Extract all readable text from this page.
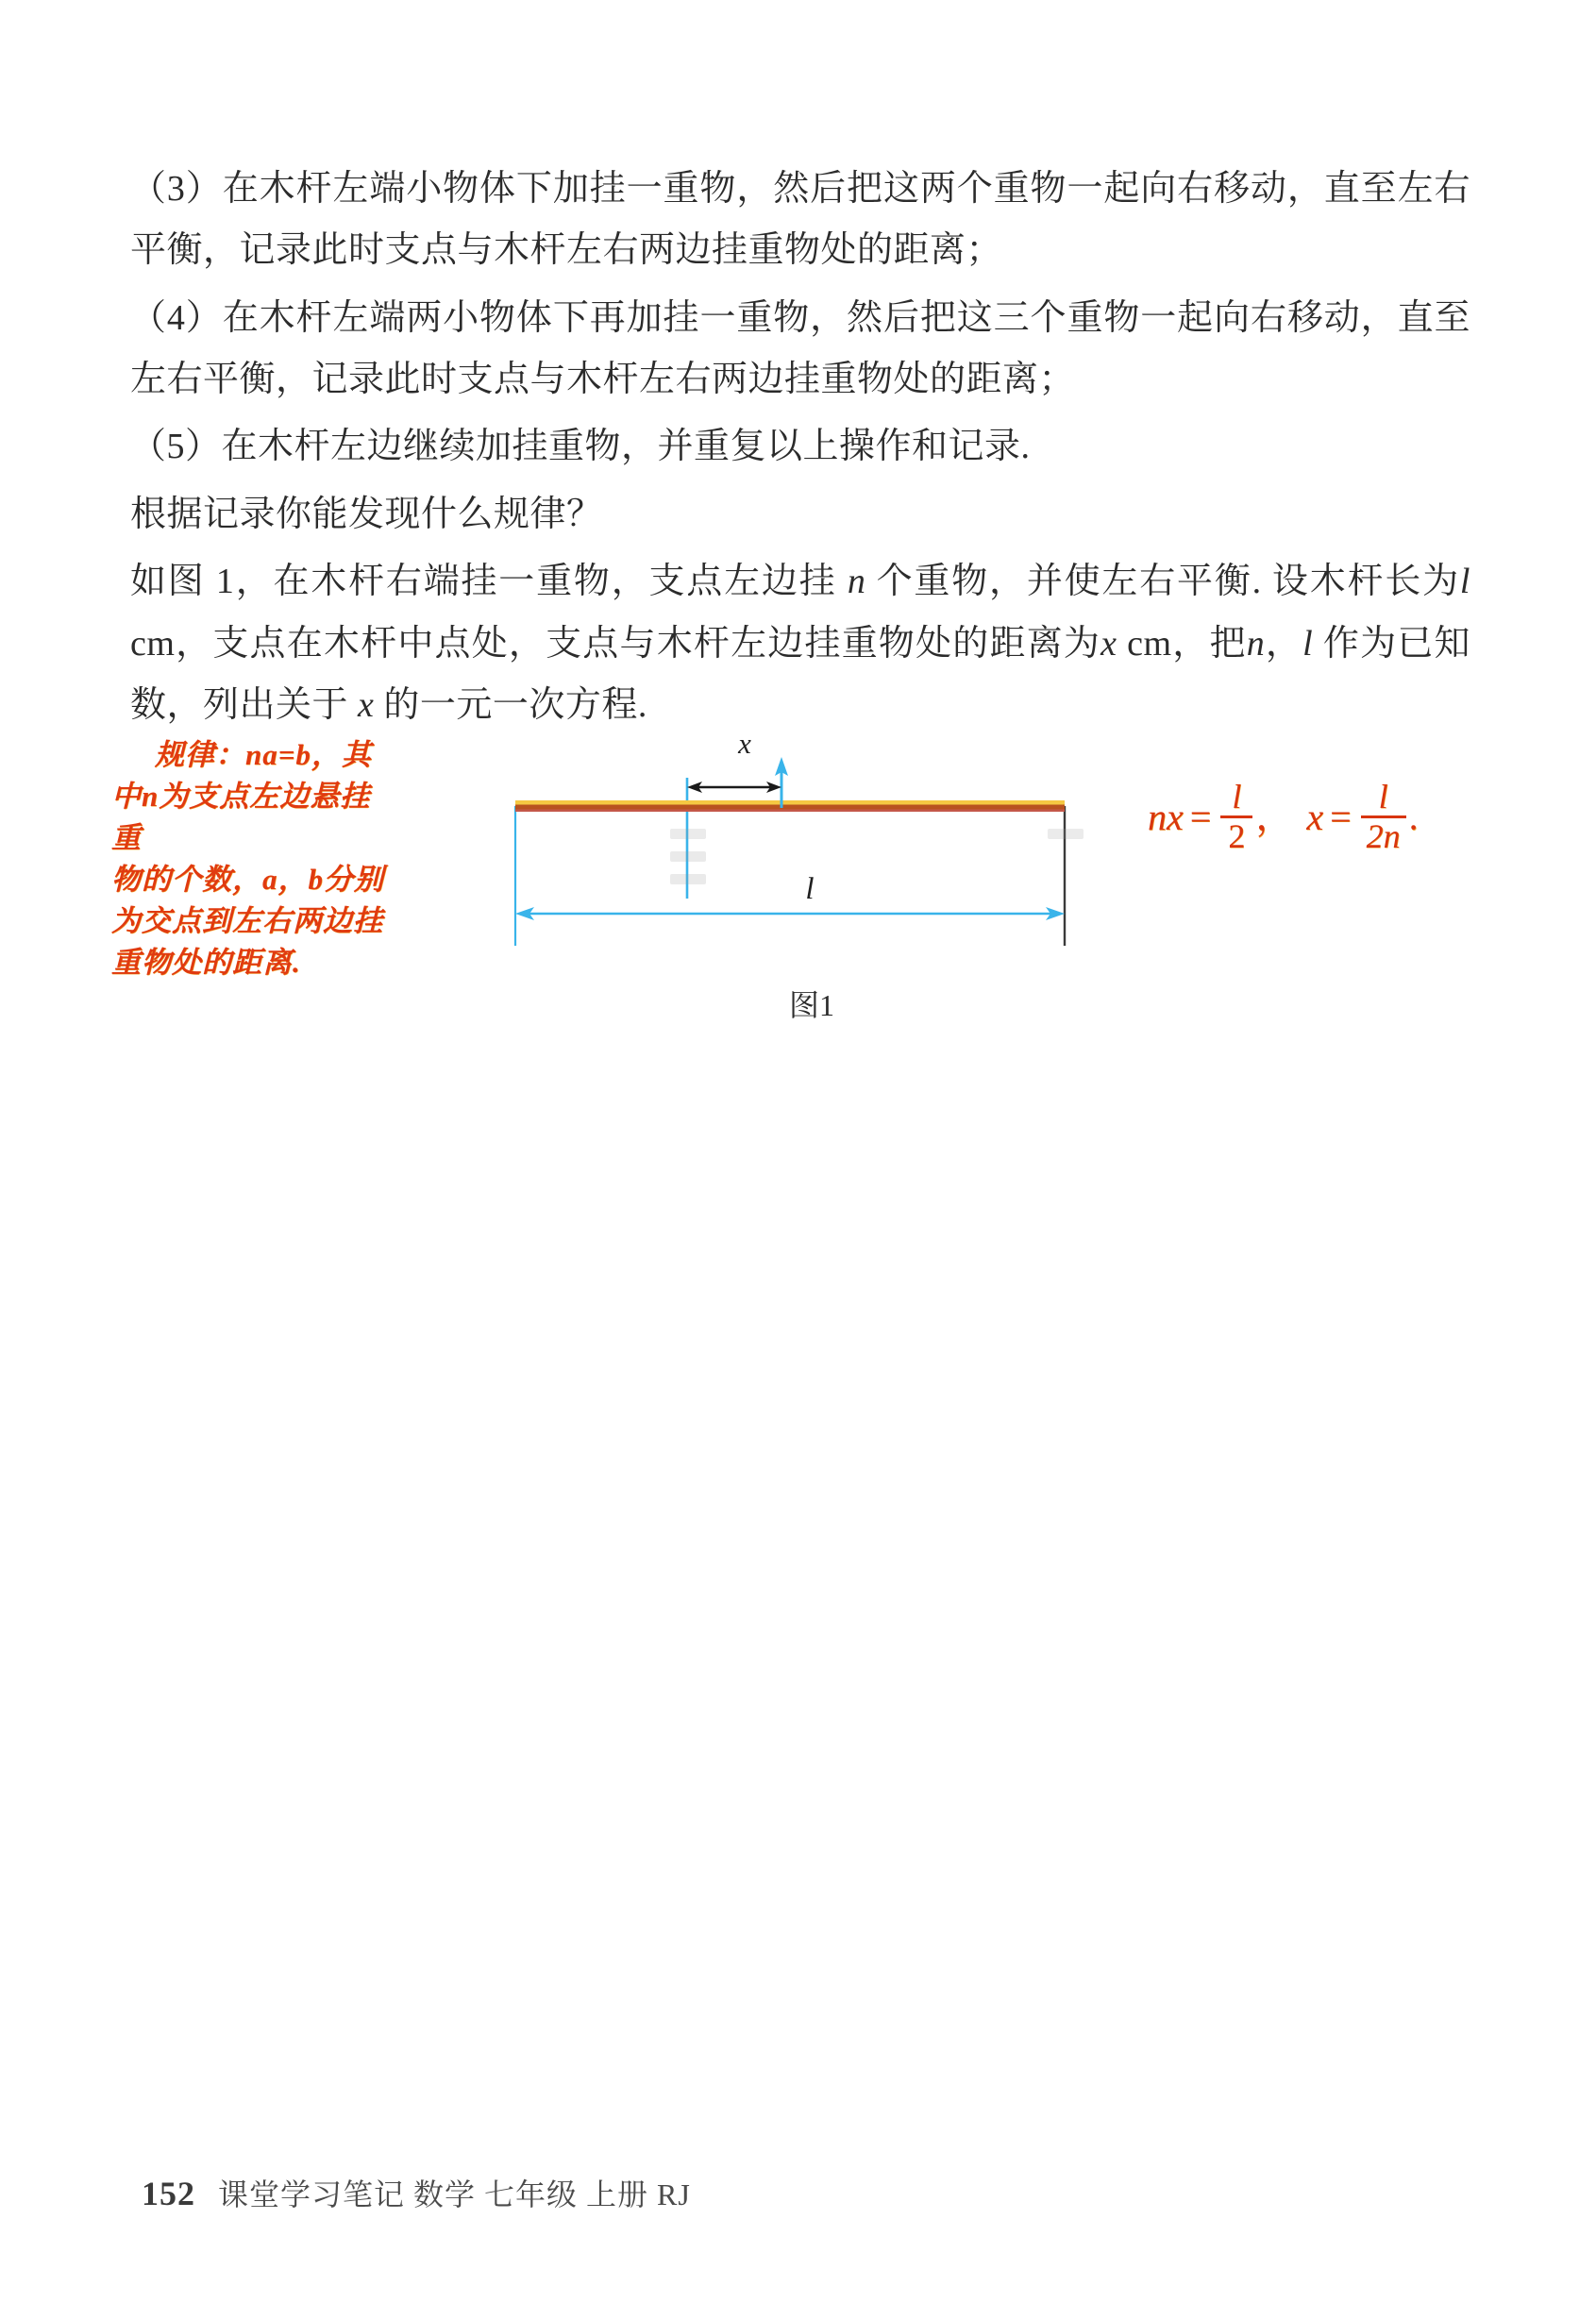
（3）在木杆左端小物体下加挂一重物，然后把这两个重物一起向右移动，直至左右平衡，记录此时支点与木杆左右两边挂重物处的距离；

（4）在木杆左端两小物体下再加挂一重物，然后把这三个重物一起向右移动，直至左右平衡，记录此时支点与木杆左右两边挂重物处的距离；

（5）在木杆左边继续加挂重物，并重复以上操作和记录.

根据记录你能发现什么规律？

如图 1，在木杆右端挂一重物，支点左边挂 n 个重物，并使左右平衡. 设木杆长为l cm，支点在木杆中点处，支点与木杆左边挂重物处的距离为x cm，把n，l 作为已知数，列出关于 x 的一元一次方程.

规律：na=b，其
中n为支点左边悬挂重
物的个数，a，b分别
为交点到左右两边挂
重物处的距离.
x
l
图1
nx = $\frac{l}{2}$ ， $x = \frac{l}{2n}$ .
152 课堂学习笔记 数学 七年级 上册 RJ
